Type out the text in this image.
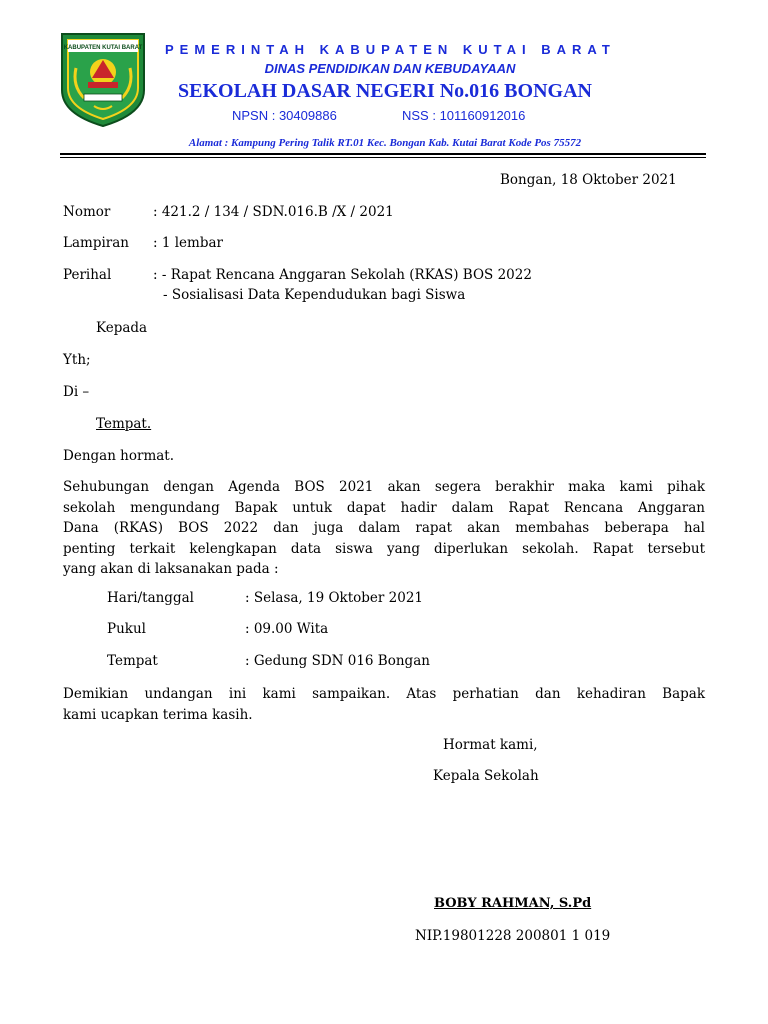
KABUPATEN KUTAI BARAT PEMERINTAH KABUPATEN KUTAI BARAT
DINAS PENDIDIKAN DAN KEBUDAYAAN
SEKOLAH DASAR NEGERI No.016 BONGAN
NPSN : 30409886	NSS : 101160912016
Alamat : Kampung Pering Talik RT.01 Kec. Bongan Kab. Kutai Barat Kode Pos 75572
Bongan, 18 Oktober 2021
Nomor	: 421.2 / 134 / SDN.016.B /X / 2021
Lampiran : 1 lembar
Perihal	: - Rapat Rencana Anggaran Sekolah (RKAS) BOS 2022
- Sosialisasi Data Kependudukan bagi Siswa
Kepada
Yth;
Di –
Tempat.
Dengan hormat.
Sehubungan dengan Agenda BOS 2021 akan segera berakhir maka kami pihak
sekolah mengundang Bapak untuk dapat hadir dalam Rapat Rencana Anggaran
Dana (RKAS) BOS 2022 dan juga dalam rapat akan membahas beberapa hal
penting terkait kelengkapan data siswa yang diperlukan sekolah. Rapat tersebut
yang akan di laksanakan pada :
Hari/tanggal	: Selasa, 19 Oktober 2021
Pukul	: 09.00 Wita
Tempat	: Gedung SDN 016 Bongan
Demikian undangan ini kami sampaikan. Atas perhatian dan kehadiran Bapak
kami ucapkan terima kasih.
Hormat kami,
Kepala Sekolah
BOBY RAHMAN, S.Pd
NIP.19801228 200801 1 019
